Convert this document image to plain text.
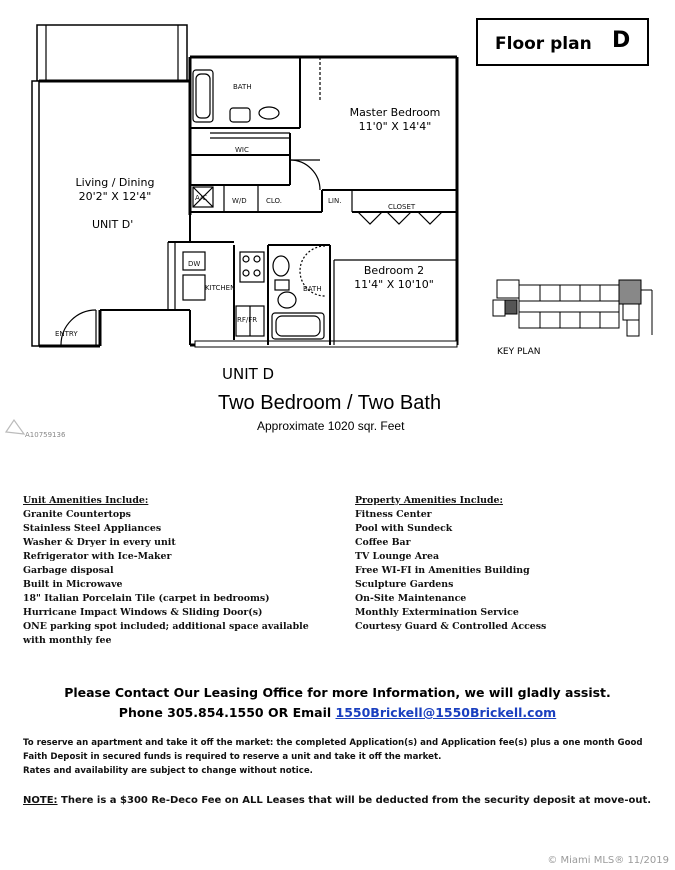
BATH
Master Bedroom
11'0" X 14'4"
WIC
Living / Dining
20'2" X 12'4"
UNIT D'
A/C	W/D	CLO.	LIN.
CLOSET
DW
KITCHEN
RF/FR
BATH
Bedroom 2
11'4" X 10'10"
ENTRY
Floor plan D
KEY PLAN
UNIT D
Two Bedroom / Two Bath
Approximate 1020 sqr. Feet
A10759136
Unit Amenities Include:
Granite Countertops
Stainless Steel Appliances
Washer & Dryer in every unit
Refrigerator with Ice-Maker
Garbage disposal
Built in Microwave
18" Italian Porcelain Tile (carpet in bedrooms)
Hurricane Impact Windows & Sliding Door(s)
ONE parking spot included; additional space available
with monthly fee
Property Amenities Include:
Fitness Center
Pool with Sundeck
Coffee Bar
TV Lounge Area
Free WI-FI in Amenities Building
Sculpture Gardens
On-Site Maintenance
Monthly Extermination Service
Courtesy Guard & Controlled Access
Please Contact Our Leasing Office for more Information, we will gladly assist.
Phone 305.854.1550 OR Email 1550Brickell@1550Brickell.com
To reserve an apartment and take it off the market: the completed Application(s) and Application fee(s) plus a one month Good Faith Deposit in secured funds is required to reserve a unit and take it off the market.
Rates and availability are subject to change without notice.
NOTE: There is a $300 Re-Deco Fee on ALL Leases that will be deducted from the security deposit at move-out.
© Miami MLS® 11/2019
